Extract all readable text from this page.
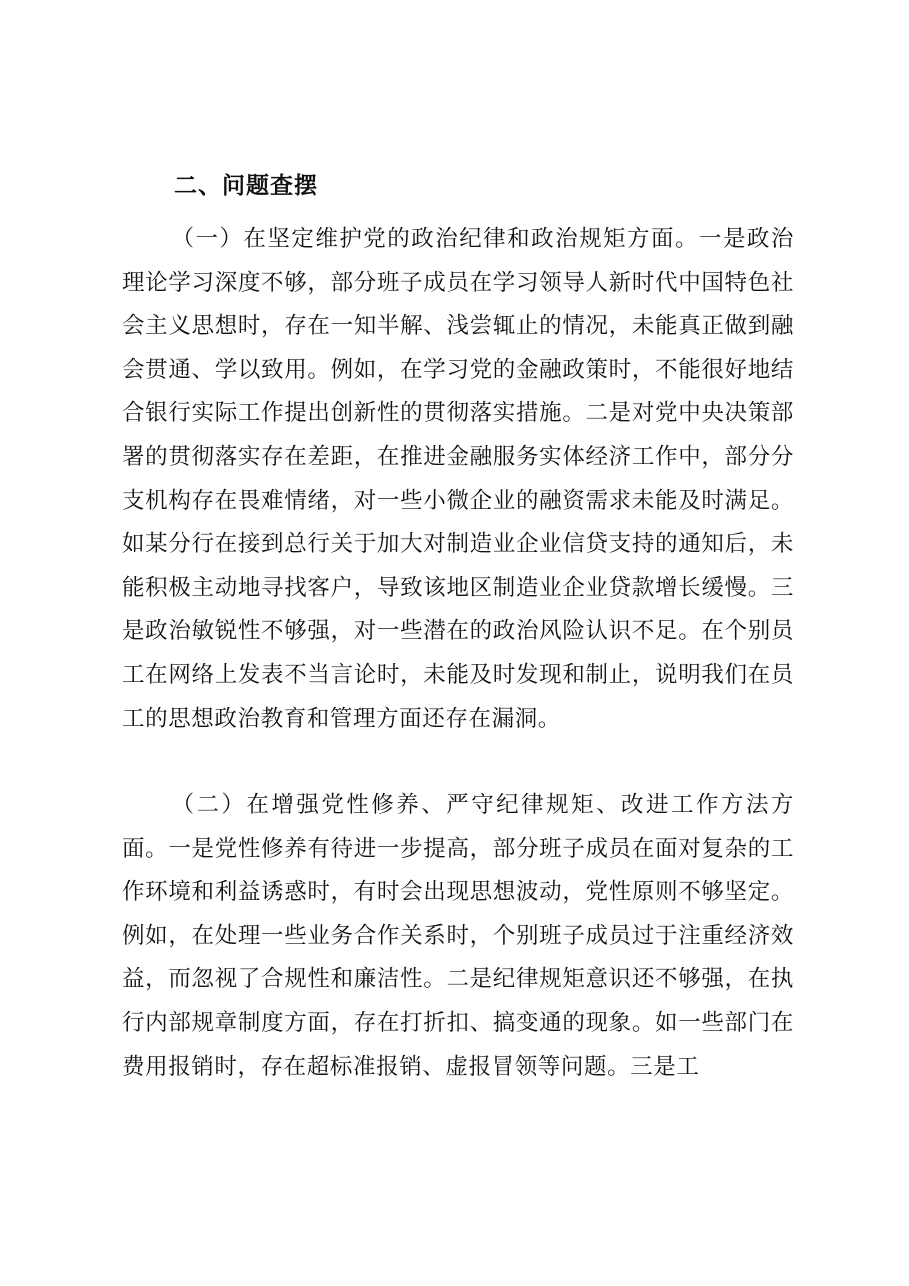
二、问题查摆

（一）在坚定维护党的政治纪律和政治规矩方面。一是政治理论学习深度不够，部分班子成员在学习领导人新时代中国特色社会主义思想时，存在一知半解、浅尝辄止的情况，未能真正做到融会贯通、学以致用。例如，在学习党的金融政策时，不能很好地结合银行实际工作提出创新性的贯彻落实措施。二是对党中央决策部署的贯彻落实存在差距，在推进金融服务实体经济工作中，部分分支机构存在畏难情绪，对一些小微企业的融资需求未能及时满足。如某分行在接到总行关于加大对制造业企业信贷支持的通知后，未能积极主动地寻找客户，导致该地区制造业企业贷款增长缓慢。三是政治敏锐性不够强，对一些潜在的政治风险认识不足。在个别员工在网络上发表不当言论时，未能及时发现和制止，说明我们在员工的思想政治教育和管理方面还存在漏洞。

（二）在增强党性修养、严守纪律规矩、改进工作方法方面。一是党性修养有待进一步提高，部分班子成员在面对复杂的工作环境和利益诱惑时，有时会出现思想波动，党性原则不够坚定。例如，在处理一些业务合作关系时，个别班子成员过于注重经济效益，而忽视了合规性和廉洁性。二是纪律规矩意识还不够强，在执行内部规章制度方面，存在打折扣、搞变通的现象。如一些部门在费用报销时，存在超标准报销、虚报冒领等问题。三是工
